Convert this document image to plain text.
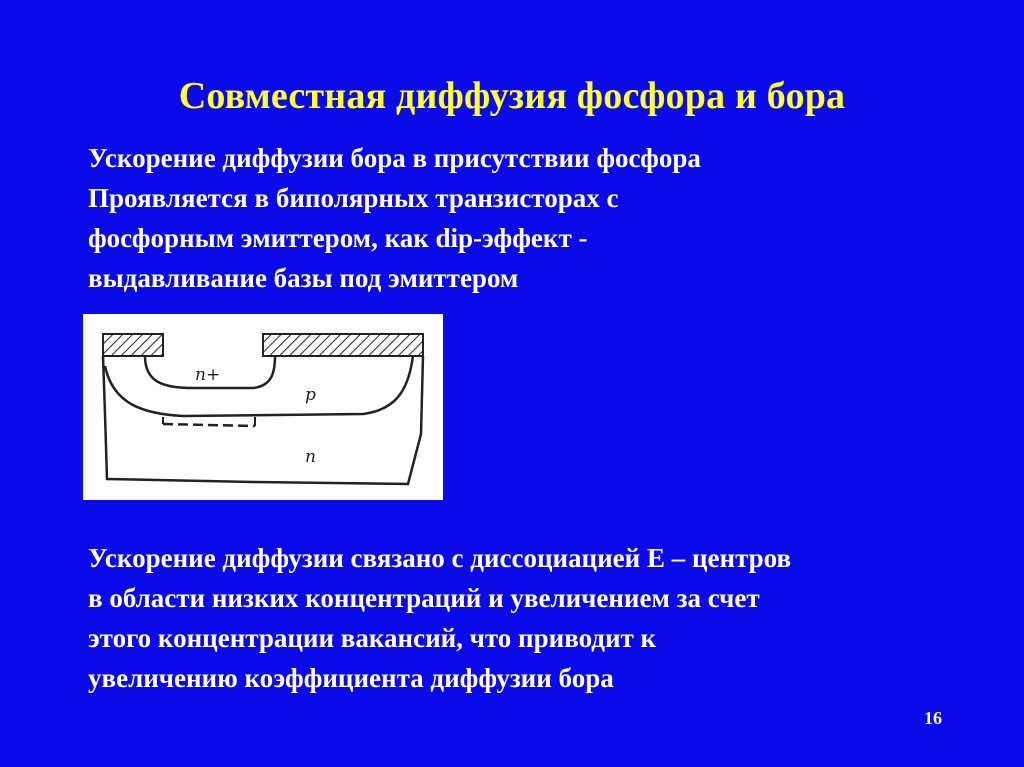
Совместная диффузия фосфора и бора
Ускорение диффузии бора в присутствии фосфора
Проявляется в биполярных транзисторах с
фосфорным эмиттером, как dip-эффект -
выдавливание базы под эмиттером
n+
p
n
Ускорение диффузии связано с диссоциацией Е – центров
в области низких концентраций и увеличением за счет
этого концентрации вакансий, что приводит к
увеличению коэффициента диффузии бора
16
